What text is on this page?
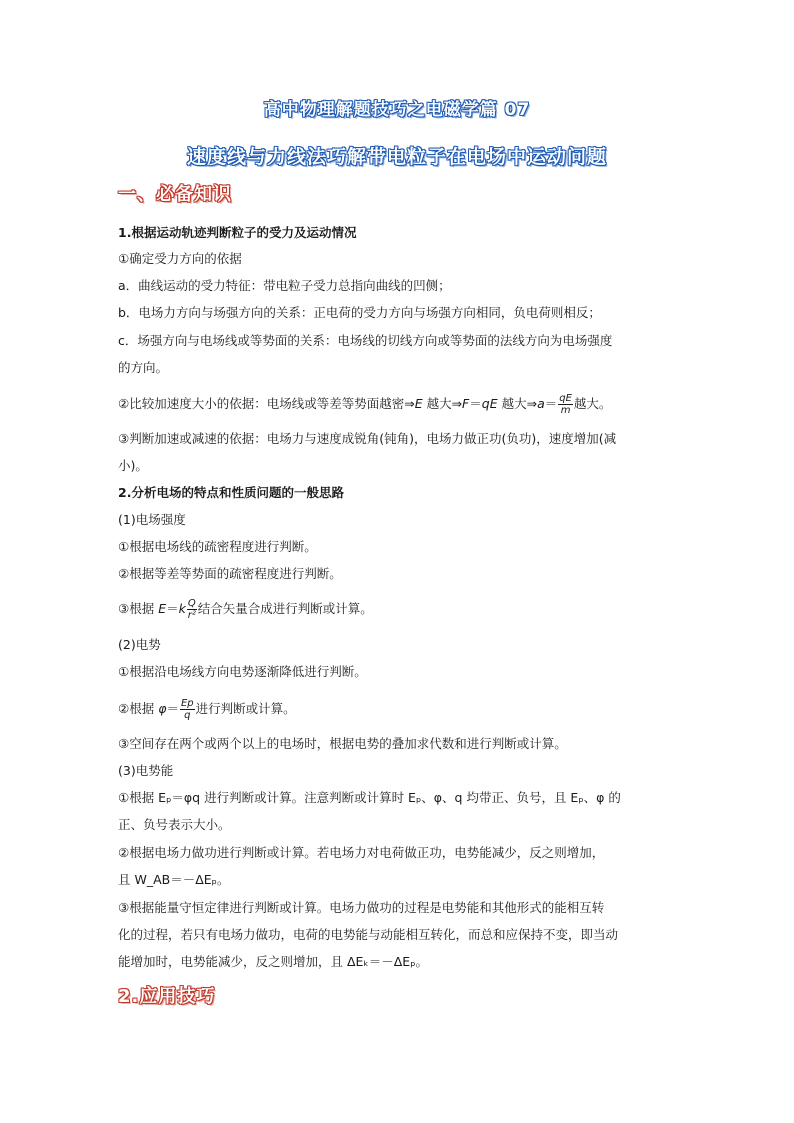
高中物理解题技巧之电磁学篇 07
速度线与力线法巧解带电粒子在电场中运动问题
一、必备知识
1.根据运动轨迹判断粒子的受力及运动情况
①确定受力方向的依据
a．曲线运动的受力特征：带电粒子受力总指向曲线的凹侧；
b．电场力方向与场强方向的关系：正电荷的受力方向与场强方向相同，负电荷则相反；
c．场强方向与电场线或等势面的关系：电场线的切线方向或等势面的法线方向为电场强度
的方向。
②比较加速度大小的依据：电场线或等差等势面越密⇒E 越大⇒F＝qE 越大⇒a＝ $\frac{qE}{m}$ 越大。
③判断加速或减速的依据：电场力与速度成锐角(钝角)，电场力做正功(负功)，速度增加(减
小)。
2.分析电场的特点和性质问题的一般思路
(1)电场强度
①根据电场线的疏密程度进行判断。
②根据等差等势面的疏密程度进行判断。
③根据 $E=k \frac{Q}{\text{r²}}$ 结合矢量合成进行判断或计算。
(2)电势
①根据沿电场线方向电势逐渐降低进行判断。
②根据 $\varphi= \frac{Ep}{q}$ 进行判断或计算。
③空间存在两个或两个以上的电场时，根据电势的叠加求代数和进行判断或计算。
(3)电势能
①根据 Eₚ＝φq 进行判断或计算。注意判断或计算时 Eₚ、φ、q 均带正、负号，且 Eₚ、φ 的
正、负号表示大小。
②根据电场力做功进行判断或计算。若电场力对电荷做正功，电势能减少，反之则增加，
且 W_AB＝－ΔEₚ。
③根据能量守恒定律进行判断或计算。电场力做功的过程是电势能和其他形式的能相互转
化的过程，若只有电场力做功，电荷的电势能与动能相互转化，而总和应保持不变，即当动
能增加时，电势能减少，反之则增加，且 ΔEₖ＝－ΔEₚ。
2.应用技巧
